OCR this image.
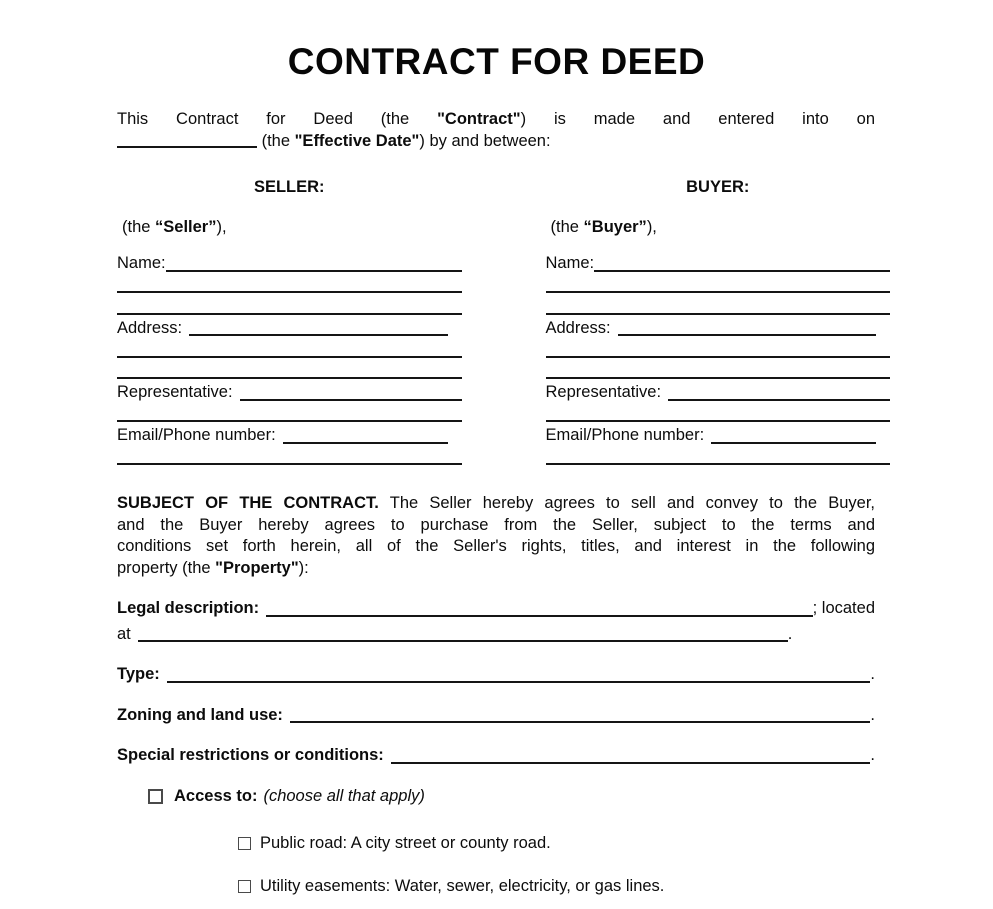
CONTRACT FOR DEED
This Contract for Deed (the "Contract") is made and entered into on
(the "Effective Date") by and between:
SELLER:
(the “Seller”),
Name:
Address:
Representative:
Email/Phone number:
BUYER:
(the “Buyer”),
Name:
Address:
Representative:
Email/Phone number:
SUBJECT OF THE CONTRACT. The Seller hereby agrees to sell and convey to the Buyer,
and the Buyer hereby agrees to purchase from the Seller, subject to the terms and
conditions set forth herein, all of the Seller's rights, titles, and interest in the following
property (the "Property"):
Legal description:	; located
at	.
Type:	.
Zoning and land use:	.
Special restrictions or conditions:	.
Access to: (choose all that apply)
Public road: A city street or county road.
Utility easements: Water, sewer, electricity, or gas lines.
